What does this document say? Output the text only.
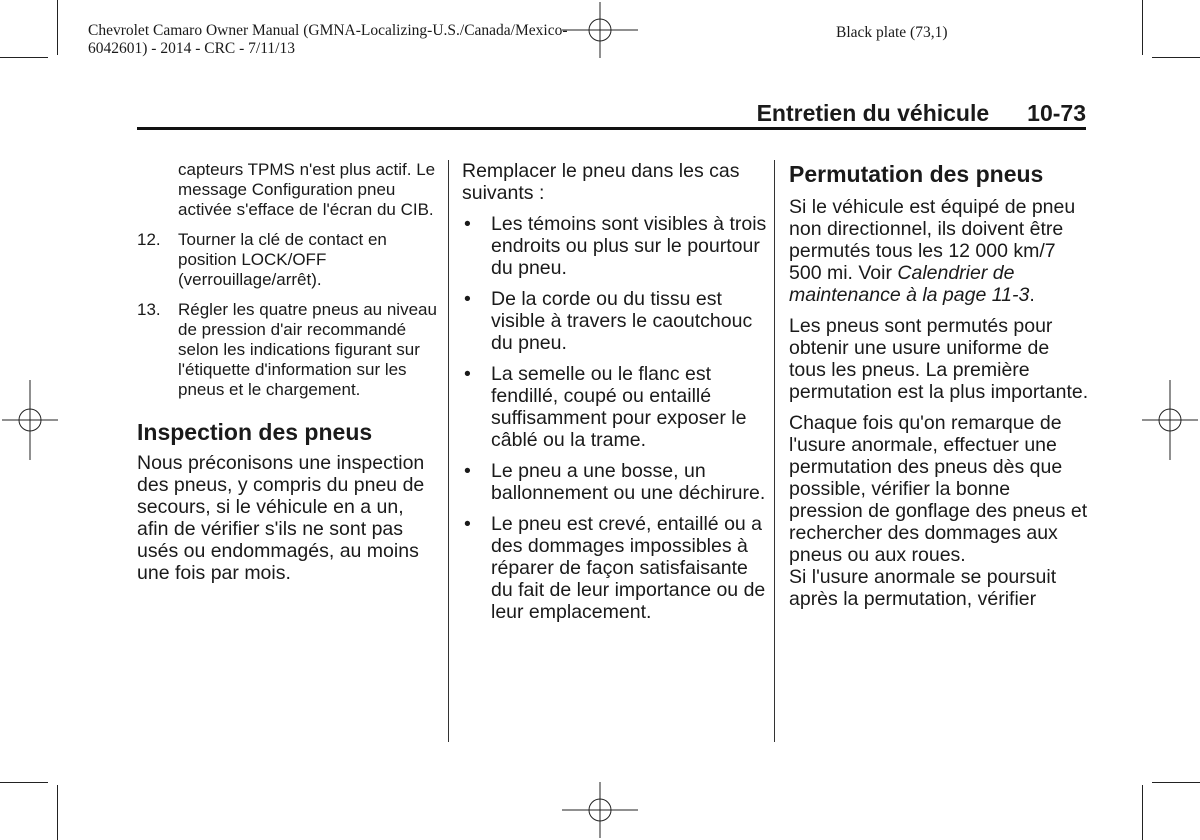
Chevrolet Camaro Owner Manual (GMNA-Localizing-U.S./Canada/Mexico-
6042601) - 2014 - CRC - 7/11/13
Black plate (73,1)
Entretien du véhicule 10-73
capteurs TPMS n'est plus actif. Le message Configuration pneu activée s'efface de l'écran du CIB.
12. Tourner la clé de contact en position LOCK/OFF (verrouillage/arrêt).
13. Régler les quatre pneus au niveau de pression d'air recommandé selon les indications figurant sur l'étiquette d'information sur les pneus et le chargement.
Inspection des pneus

Nous préconisons une inspection des pneus, y compris du pneu de secours, si le véhicule en a un, afin de vérifier s'ils ne sont pas usés ou endommagés, au moins une fois par mois.

Remplacer le pneu dans les cas suivants :

• Les témoins sont visibles à trois endroits ou plus sur le pourtour du pneu.
• De la corde ou du tissu est visible à travers le caoutchouc du pneu.
• La semelle ou le flanc est fendillé, coupé ou entaillé suffisamment pour exposer le câblé ou la trame.
• Le pneu a une bosse, un ballonnement ou une déchirure.
• Le pneu est crevé, entaillé ou a des dommages impossibles à réparer de façon satisfaisante du fait de leur importance ou de leur emplacement.
Permutation des pneus

Si le véhicule est équipé de pneu non directionnel, ils doivent être permutés tous les 12 000 km/7 500 mi. Voir Calendrier de maintenance à la page 11-3.

Les pneus sont permutés pour obtenir une usure uniforme de tous les pneus. La première permutation est la plus importante.

Chaque fois qu'on remarque de l'usure anormale, effectuer une permutation des pneus dès que possible, vérifier la bonne pression de gonflage des pneus et rechercher des dommages aux pneus ou aux roues.

Si l'usure anormale se poursuit après la permutation, vérifier
